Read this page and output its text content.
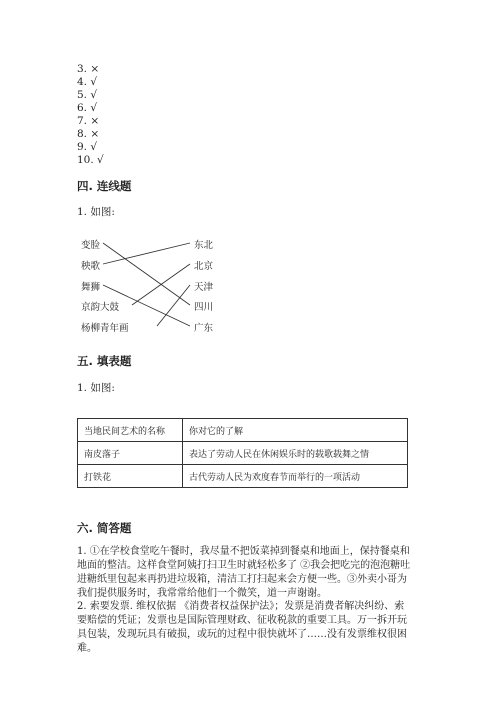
3. ×
4. √
5. √
6. √
7. ×
8. ×
9. √
10. √
四. 连线题
1. 如图:
变脸
秧歌
舞狮
京韵大鼓
杨柳青年画
东北
北京
天津
四川
广东
五. 填表题
1. 如图:
当地民间艺术的名称	你对它的了解
南皮落子	表达了劳动人民在休闲娱乐时的载歌载舞之情
打铁花	古代劳动人民为欢度春节而举行的一项活动
六. 简答题
1. ①在学校食堂吃午餐时，我尽量不把饭菜掉到餐桌和地面上，保持餐桌和地面的整洁。这样食堂阿姨打扫卫生时就轻松多了 ②我会把吃完的泡泡糖吐进糖纸里包起来再扔进垃圾箱，清洁工打扫起来会方便一些。③外卖小哥为我们提供服务时，我常常给他们一个微笑，道一声谢谢。
2. 索要发票. 维权依据 《消费者权益保护法》；发票是消费者解决纠纷、索要赔偿的凭证；发票也是国际管理财政、征收税款的重要工具。万一拆开玩具包装，发现玩具有破损，或玩的过程中很快就坏了……没有发票维权很困难。
